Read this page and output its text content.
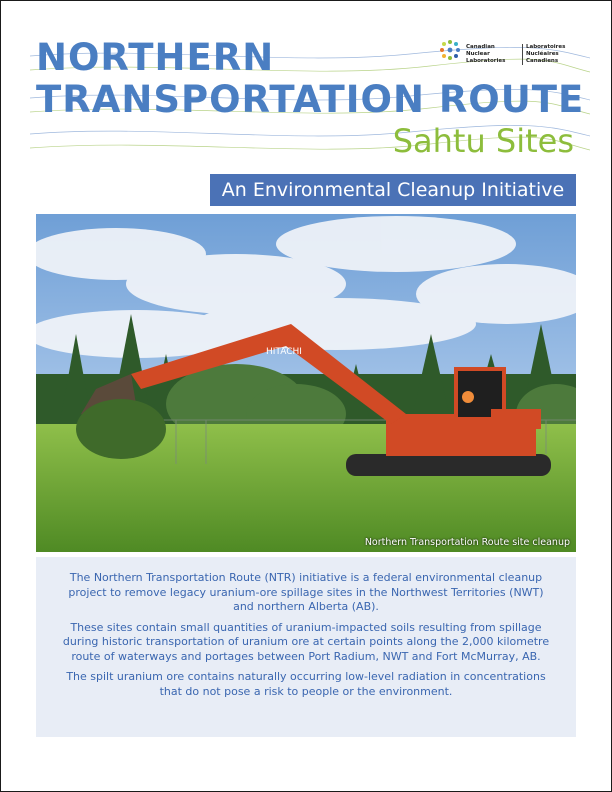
NORTHERN
TRANSPORTATION ROUTE
Sahtu Sites
Canadian Nuclear Laboratories
Laboratoires Nucléaires Canadiens
An Environmental Cleanup Initiative
HITACHI
Northern Transportation Route site cleanup

The Northern Transportation Route (NTR) initiative is a federal environmental cleanup project to remove legacy uranium-ore spillage sites in the Northwest Territories (NWT) and northern Alberta (AB).

These sites contain small quantities of uranium-impacted soils resulting from spillage during historic transportation of uranium ore at certain points along the 2,000 kilometre route of waterways and portages between Port Radium, NWT and Fort McMurray, AB.

The spilt uranium ore contains naturally occurring low-level radiation in concentrations that do not pose a risk to people or the environment.
